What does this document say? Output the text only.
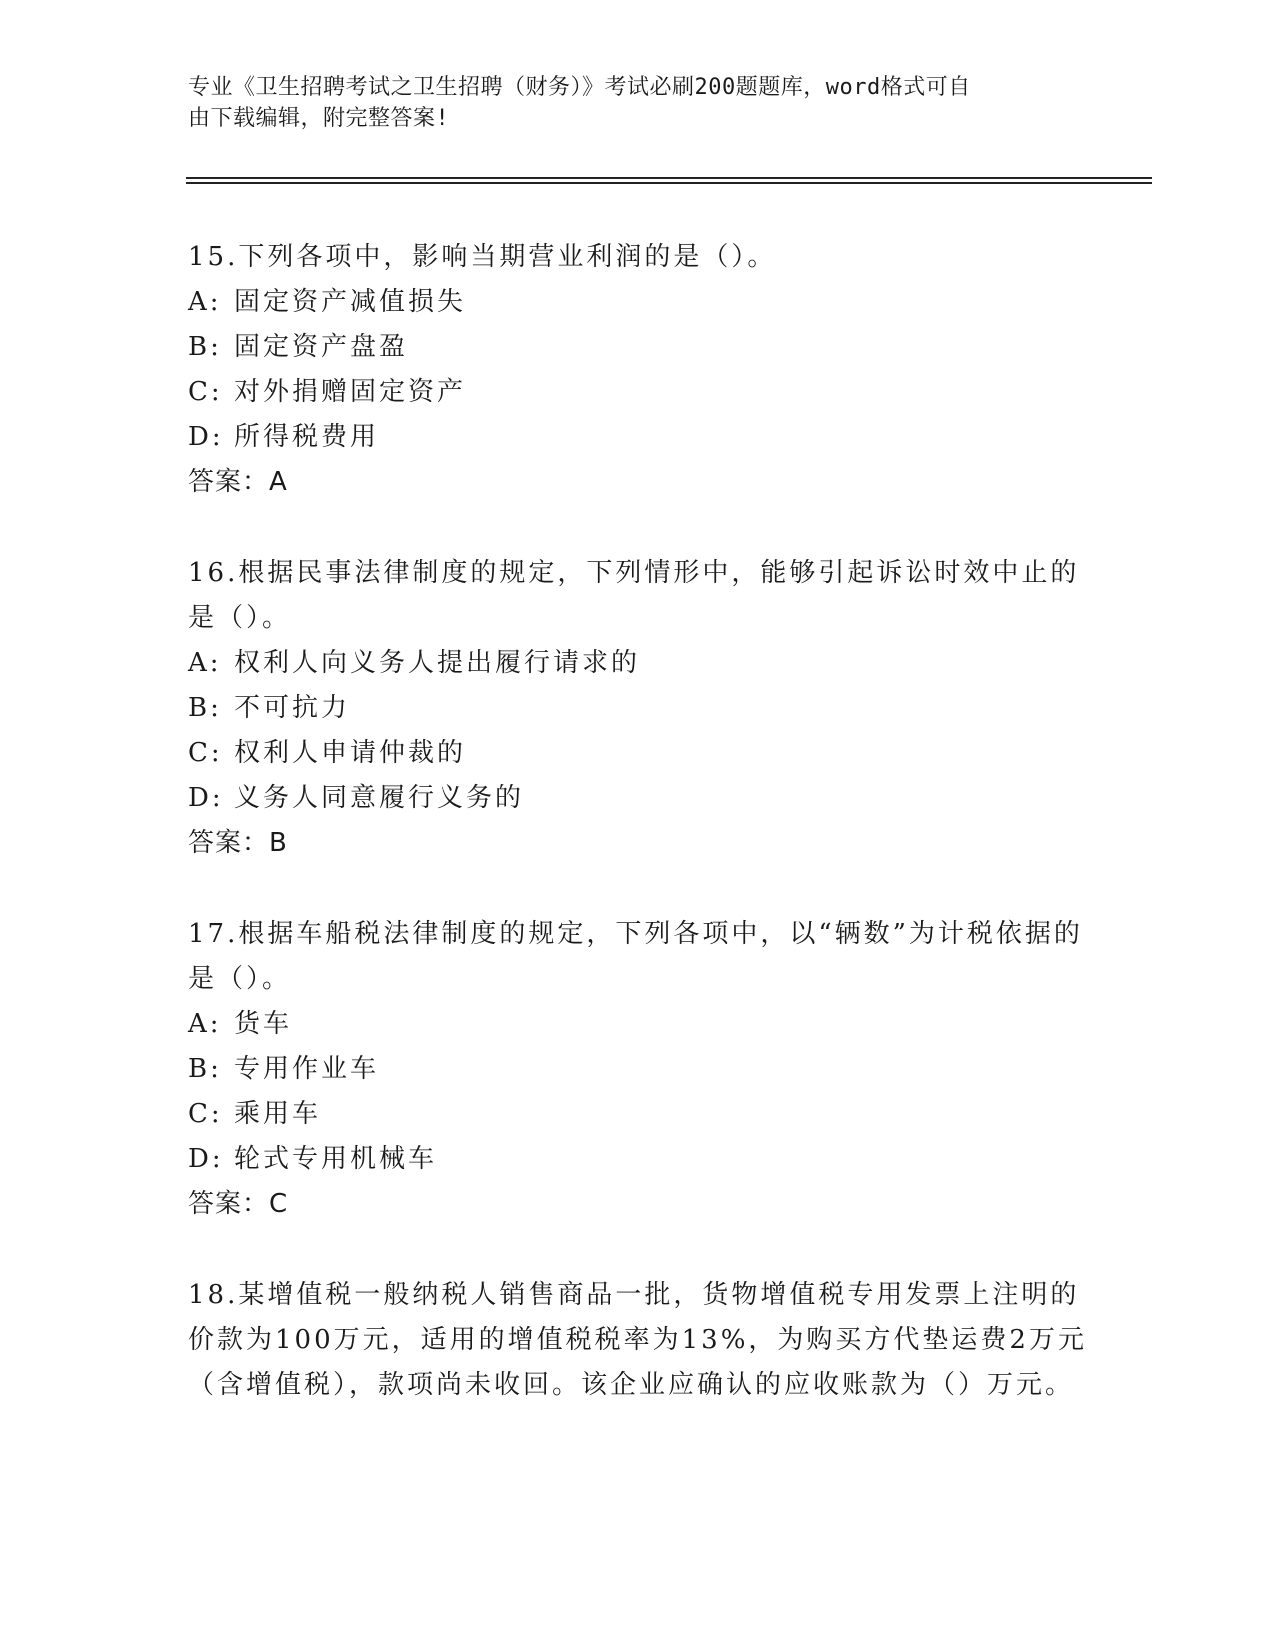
专业《卫生招聘考试之卫生招聘（财务）》考试必刷200题题库，word格式可自
由下载编辑，附完整答案!

15.下列各项中，影响当期营业利润的是（）。

A: 固定资产减值损失

B: 固定资产盘盈

C: 对外捐赠固定资产

D: 所得税费用

答案：A

16.根据民事法律制度的规定，下列情形中，能够引起诉讼时效中止的是（）。

A: 权利人向义务人提出履行请求的

B: 不可抗力

C: 权利人申请仲裁的

D: 义务人同意履行义务的

答案：B

17.根据车船税法律制度的规定，下列各项中，以“辆数”为计税依据的是（）。

A: 货车

B: 专用作业车

C: 乘用车

D: 轮式专用机械车

答案：C

18.某增值税一般纳税人销售商品一批，货物增值税专用发票上注明的价款为100万元，适用的增值税税率为13%，为购买方代垫运费2万元（含增值税），款项尚未收回。该企业应确认的应收账款为（）万元。
